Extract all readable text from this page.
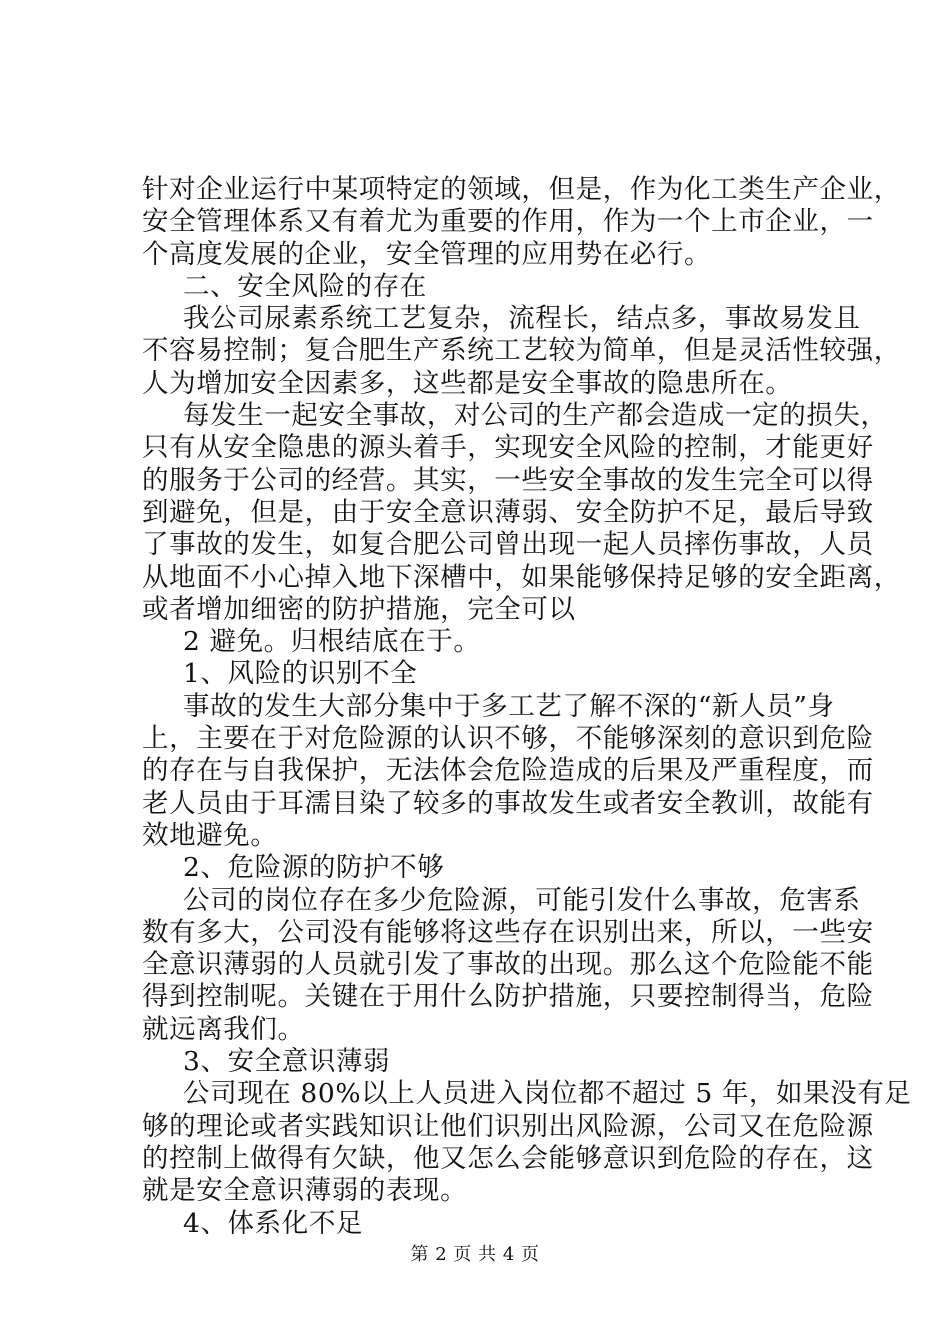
针对企业运行中某项特定的领域，但是，作为化工类生产企业，
安全管理体系又有着尤为重要的作用，作为一个上市企业，一
个高度发展的企业，安全管理的应用势在必行。
二、安全风险的存在
我公司尿素系统工艺复杂，流程长，结点多，事故易发且
不容易控制；复合肥生产系统工艺较为简单，但是灵活性较强，
人为增加安全因素多，这些都是安全事故的隐患所在。
每发生一起安全事故，对公司的生产都会造成一定的损失，
只有从安全隐患的源头着手，实现安全风险的控制，才能更好
的服务于公司的经营。其实，一些安全事故的发生完全可以得
到避免，但是，由于安全意识薄弱、安全防护不足，最后导致
了事故的发生，如复合肥公司曾出现一起人员摔伤事故，人员
从地面不小心掉入地下深槽中，如果能够保持足够的安全距离，
或者增加细密的防护措施，完全可以
2 避免。归根结底在于。
1、风险的识别不全
事故的发生大部分集中于多工艺了解不深的“新人员”身
上，主要在于对危险源的认识不够，不能够深刻的意识到危险
的存在与自我保护，无法体会危险造成的后果及严重程度，而
老人员由于耳濡目染了较多的事故发生或者安全教训，故能有
效地避免。
2、危险源的防护不够
公司的岗位存在多少危险源，可能引发什么事故，危害系
数有多大，公司没有能够将这些存在识别出来，所以，一些安
全意识薄弱的人员就引发了事故的出现。那么这个危险能不能
得到控制呢。关键在于用什么防护措施，只要控制得当，危险
就远离我们。
3、安全意识薄弱
公司现在 80%以上人员进入岗位都不超过 5 年，如果没有足
够的理论或者实践知识让他们识别出风险源，公司又在危险源
的控制上做得有欠缺，他又怎么会能够意识到危险的存在，这
就是安全意识薄弱的表现。
4、体系化不足
第 2 页 共 4 页
